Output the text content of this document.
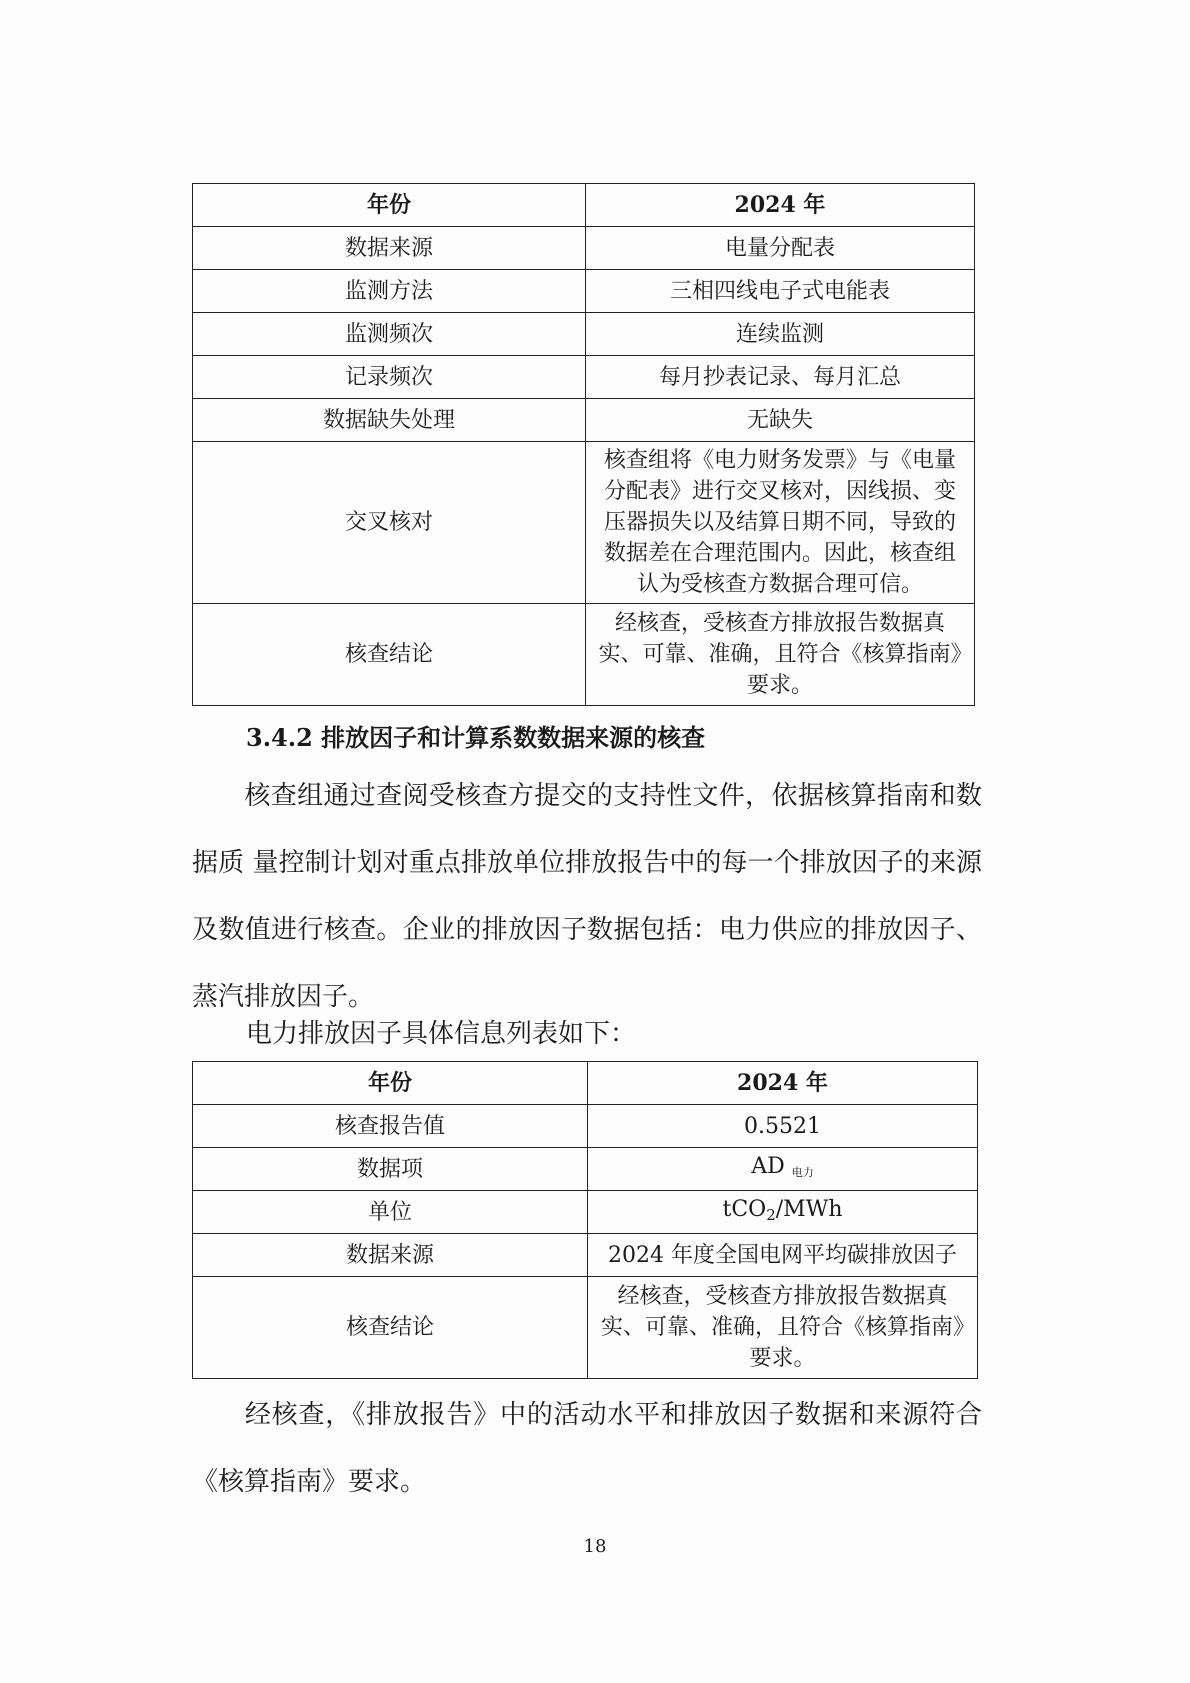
年份	2024 年
数据来源	电量分配表
监测方法	三相四线电子式电能表
监测频次	连续监测
记录频次	每月抄表记录、每月汇总
数据缺失处理	无缺失
交叉核对	核查组将《电力财务发票》与《电量分配表》进行交叉核对，因线损、变压器损失以及结算日期不同，导致的数据差在合理范围内。因此，核查组认为受核查方数据合理可信。
核查结论	经核查，受核查方排放报告数据真实、可靠、准确，且符合《核算指南》要求。
3.4.2 排放因子和计算系数数据来源的核查

核查组通过查阅受核查方提交的支持性文件，依据核算指南和数据质 量控制计划对重点排放单位排放报告中的每一个排放因子的来源及数值进行核查。企业的排放因子数据包括：电力供应的排放因子、蒸汽排放因子。

电力排放因子具体信息列表如下：

年份	2024 年
核查报告值	0.5521
数据项	AD $_{电力}$
单位	tCO$_2$/MWh
数据来源	2024 年度全国电网平均碳排放因子
核查结论	经核查，受核查方排放报告数据真实、可靠、准确，且符合《核算指南》要求。

经核查，《排放报告》中的活动水平和排放因子数据和来源符合《核算指南》要求。

18
